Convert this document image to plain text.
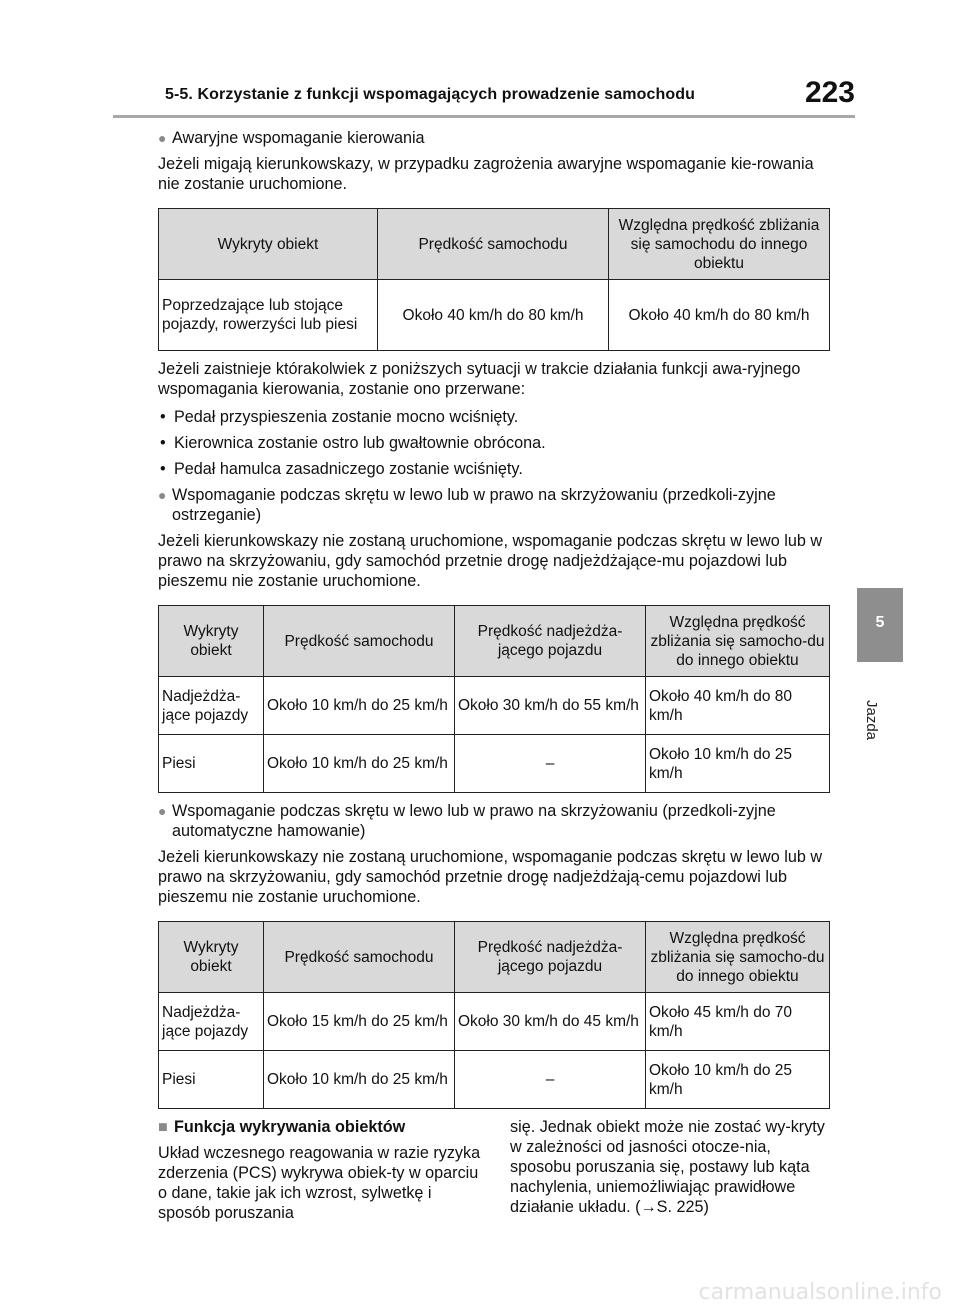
5-5. Korzystanie z funkcji wspomagających prowadzenie samochodu	223
5
Jazda

● Awaryjne wspomaganie kierowania

Jeżeli migają kierunkowskazy, w przypadku zagrożenia awaryjne wspomaganie kie-rowania nie zostanie uruchomione.

Wykryty obiekt	Prędkość samochodu	Względna prędkość zbliżania się samochodu do innego obiektu
Poprzedzające lub stojące pojazdy, rowerzyści lub piesi	Około 40 km/h do 80 km/h	Około 40 km/h do 80 km/h

Jeżeli zaistnieje którakolwiek z poniższych sytuacji w trakcie działania funkcji awa-ryjnego wspomagania kierowania, zostanie ono przerwane:

• Pedał przyspieszenia zostanie mocno wciśnięty.

• Kierownica zostanie ostro lub gwałtownie obrócona.

• Pedał hamulca zasadniczego zostanie wciśnięty.

● Wspomaganie podczas skrętu w lewo lub w prawo na skrzyżowaniu (przedkoli-zyjne ostrzeganie)

Jeżeli kierunkowskazy nie zostaną uruchomione, wspomaganie podczas skrętu w lewo lub w prawo na skrzyżowaniu, gdy samochód przetnie drogę nadjeżdżające-mu pojazdowi lub pieszemu nie zostanie uruchomione.

Wykryty obiekt	Prędkość samochodu	Prędkość nadjeżdża-jącego pojazdu	Względna prędkość zbliżania się samocho-du do innego obiektu
Nadjeżdża-jące pojazdy	Około 10 km/h do 25 km/h	Około 30 km/h do 55 km/h	Około 40 km/h do 80 km/h
Piesi	Około 10 km/h do 25 km/h	–	Około 10 km/h do 25 km/h

● Wspomaganie podczas skrętu w lewo lub w prawo na skrzyżowaniu (przedkoli-zyjne automatyczne hamowanie)

Jeżeli kierunkowskazy nie zostaną uruchomione, wspomaganie podczas skrętu w lewo lub w prawo na skrzyżowaniu, gdy samochód przetnie drogę nadjeżdżają-cemu pojazdowi lub pieszemu nie zostanie uruchomione.

Wykryty obiekt	Prędkość samochodu	Prędkość nadjeżdża-jącego pojazdu	Względna prędkość zbliżania się samocho-du do innego obiektu
Nadjeżdża-jące pojazdy	Około 15 km/h do 25 km/h	Około 30 km/h do 45 km/h	Około 45 km/h do 70 km/h
Piesi	Około 10 km/h do 25 km/h	–	Około 10 km/h do 25 km/h

■ Funkcja wykrywania obiektów

Układ wczesnego reagowania w razie ryzyka zderzenia (PCS) wykrywa obiek-ty w oparciu o dane, takie jak ich wzrost, sylwetkę i sposób poruszania

się. Jednak obiekt może nie zostać wy-kryty w zależności od jasności otocze-nia, sposobu poruszania się, postawy lub kąta nachylenia, uniemożliwiając prawidłowe działanie układu. (→S. 225)

carmanualsonline.info
